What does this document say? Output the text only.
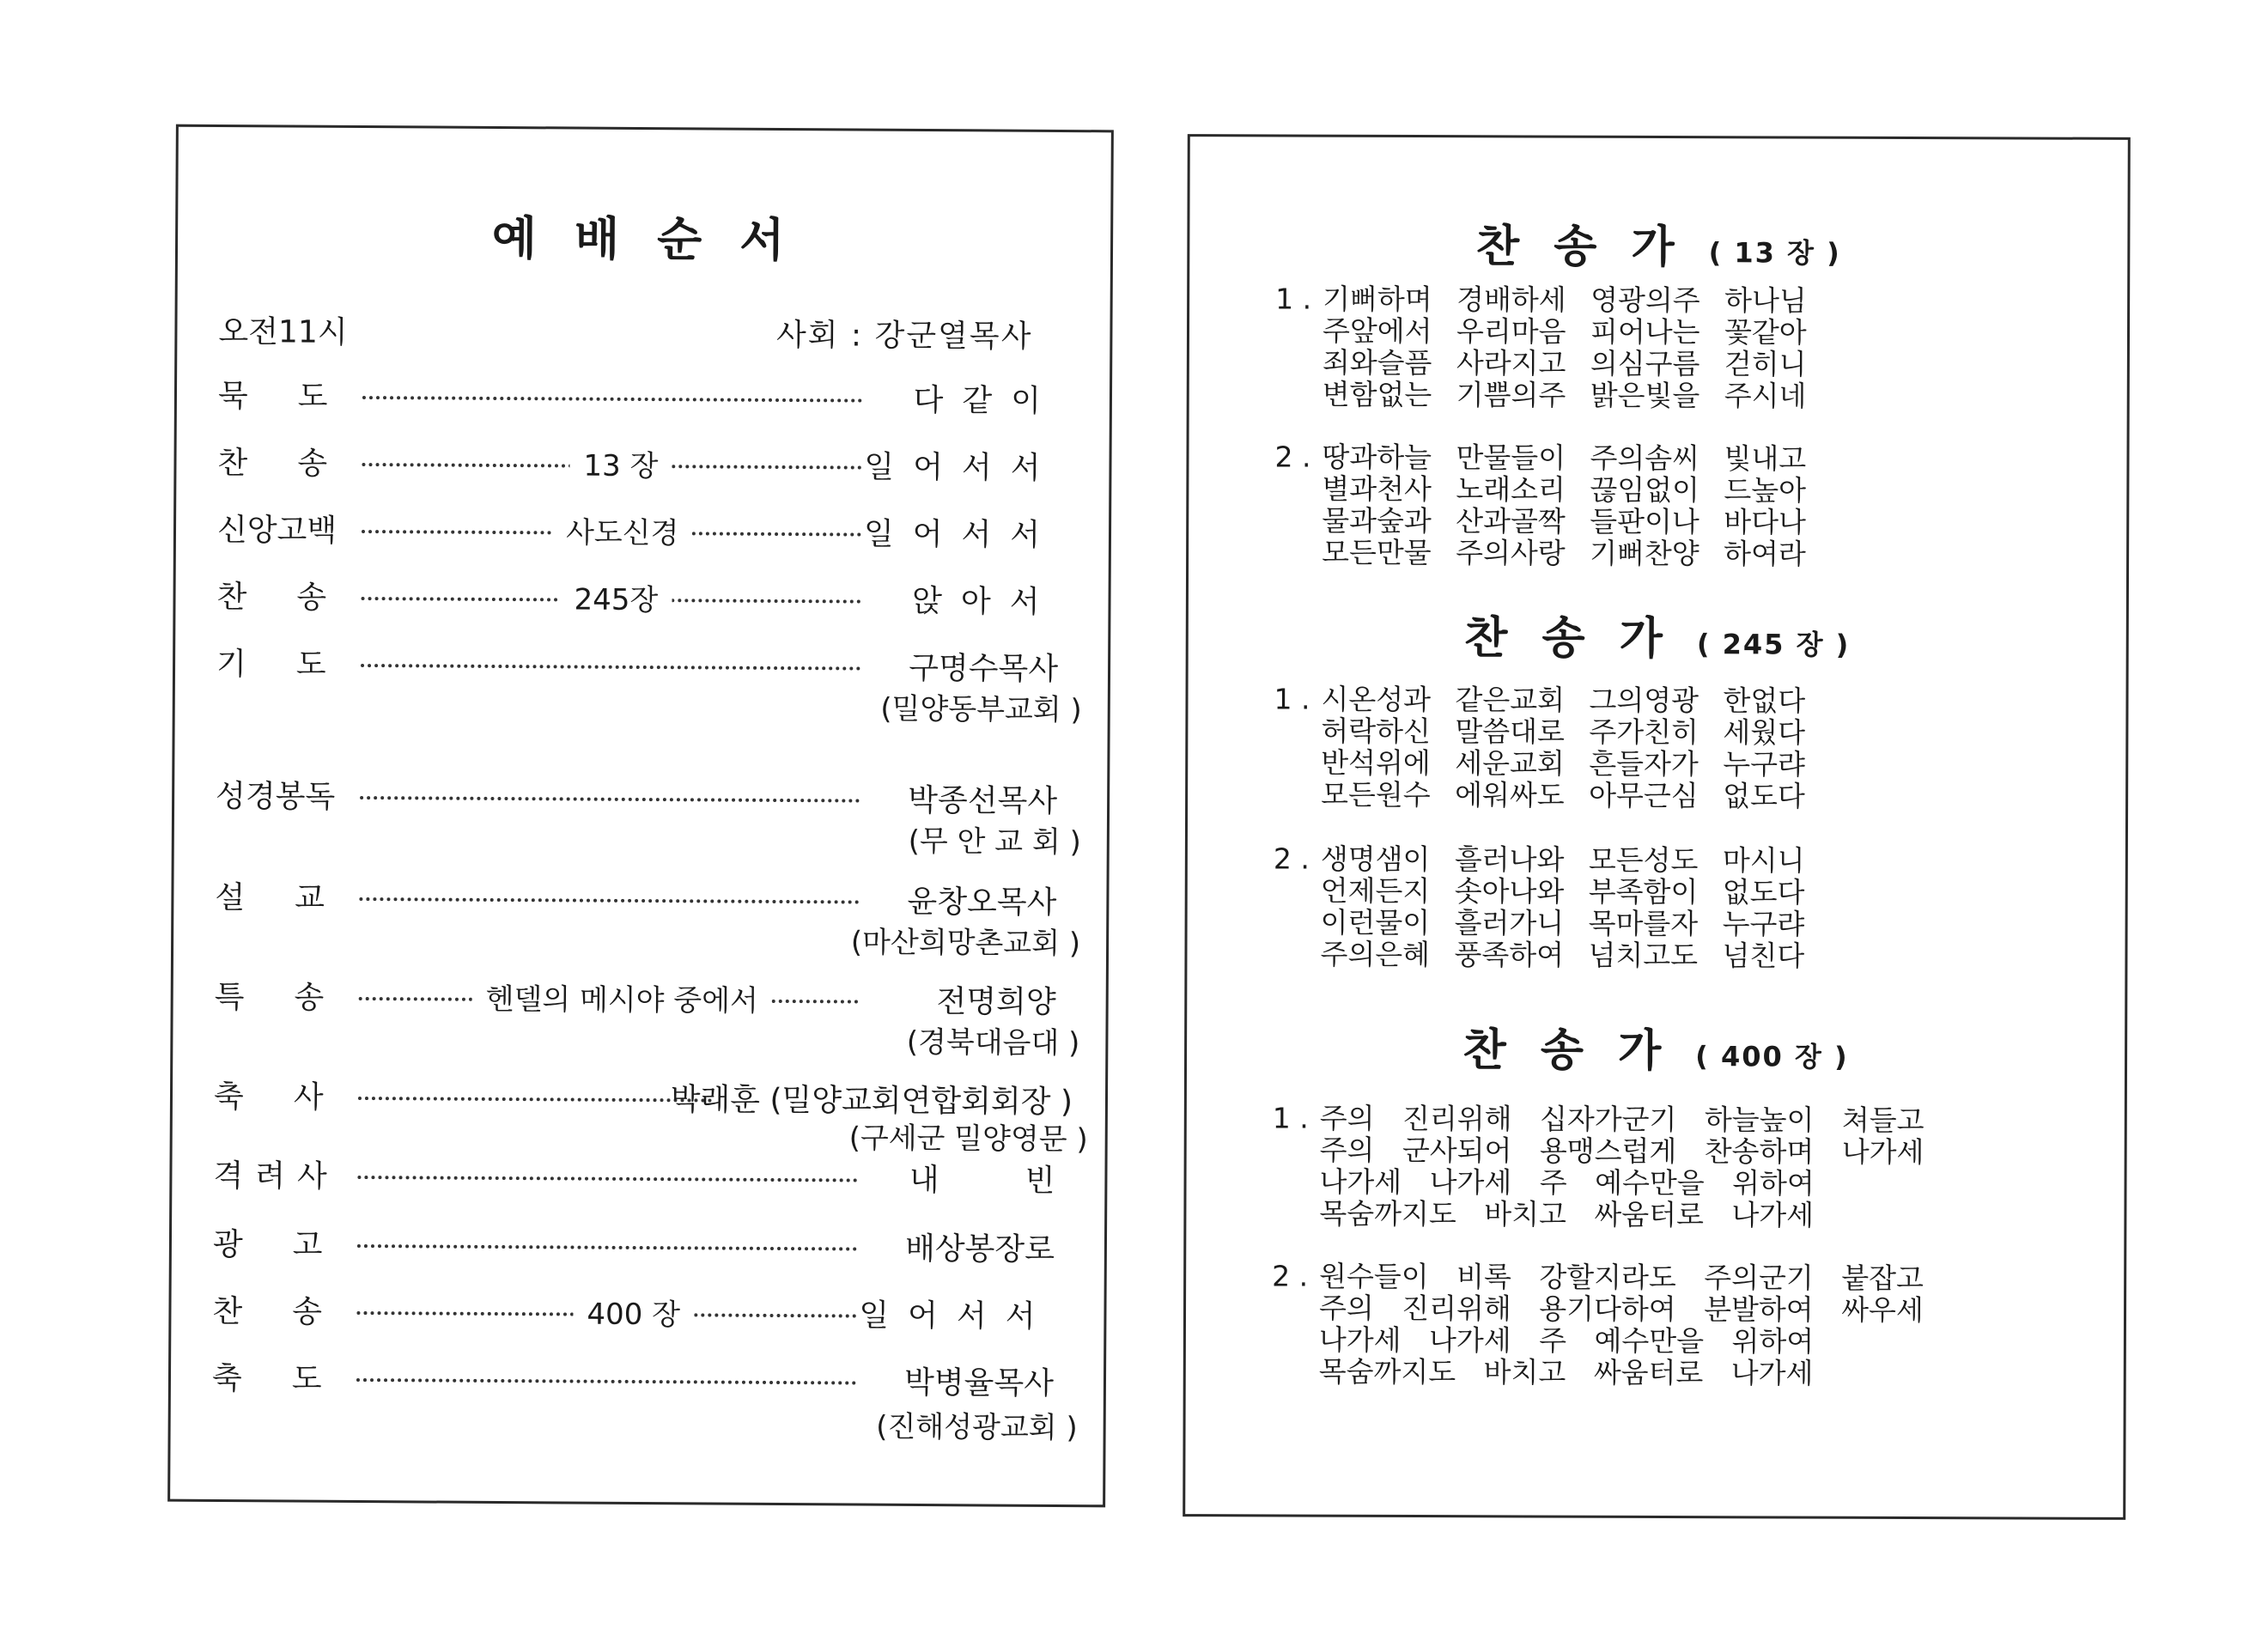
예배순서
오전11시	사회 : 강군열목사
묵도	다같이
찬송	13 장	일어서서
신앙고백	사도신경	일어서서
찬송	245장	앉아서
기도	구명수목사
(밀양동부교회 )
성경봉독	박종선목사
(무 안 교 회 )
설교	윤창오목사
(마산희망촌교회 )
특송	헨델의 메시야 중에서	전명희양
(경북대음대 )
축사	박래훈 (밀양교회연합회회장 )
(구세군 밀양영문 )
격려사	내빈
광고	배상봉장로
찬송	400 장	일어서서
축도	박병율목사
(진해성광교회 )
찬송가( 13 장 )
1 . 기뻐하며 경배하세 영광의주 하나님
주앞에서 우리마음 피어나는 꽃같아
죄와슬픔 사라지고 의심구름 걷히니
변함없는 기쁨의주 밝은빛을 주시네
2 . 땅과하늘 만물들이 주의솜씨 빛내고
별과천사 노래소리 끊임없이 드높아
물과숲과 산과골짝 들판이나 바다나
모든만물 주의사랑 기뻐찬양 하여라
찬송가( 245 장 )
1 . 시온성과 같은교회 그의영광 한없다
허락하신 말씀대로 주가친히 세웠다
반석위에 세운교회 흔들자가 누구랴
모든원수 에워싸도 아무근심 없도다
2 . 생명샘이 흘러나와 모든성도 마시니
언제든지 솟아나와 부족함이 없도다
이런물이 흘러가니 목마를자 누구랴
주의은혜 풍족하여 넘치고도 넘친다
찬송가( 400 장 )
1 . 주의 진리위해 십자가군기 하늘높이 쳐들고
주의 군사되어 용맹스럽게 찬송하며 나가세
나가세 나가세 주 예수만을 위하여
목숨까지도 바치고 싸움터로 나가세
2 . 원수들이 비록 강할지라도 주의군기 붙잡고
주의 진리위해 용기다하여 분발하여 싸우세
나가세 나가세 주 예수만을 위하여
목숨까지도 바치고 싸움터로 나가세
